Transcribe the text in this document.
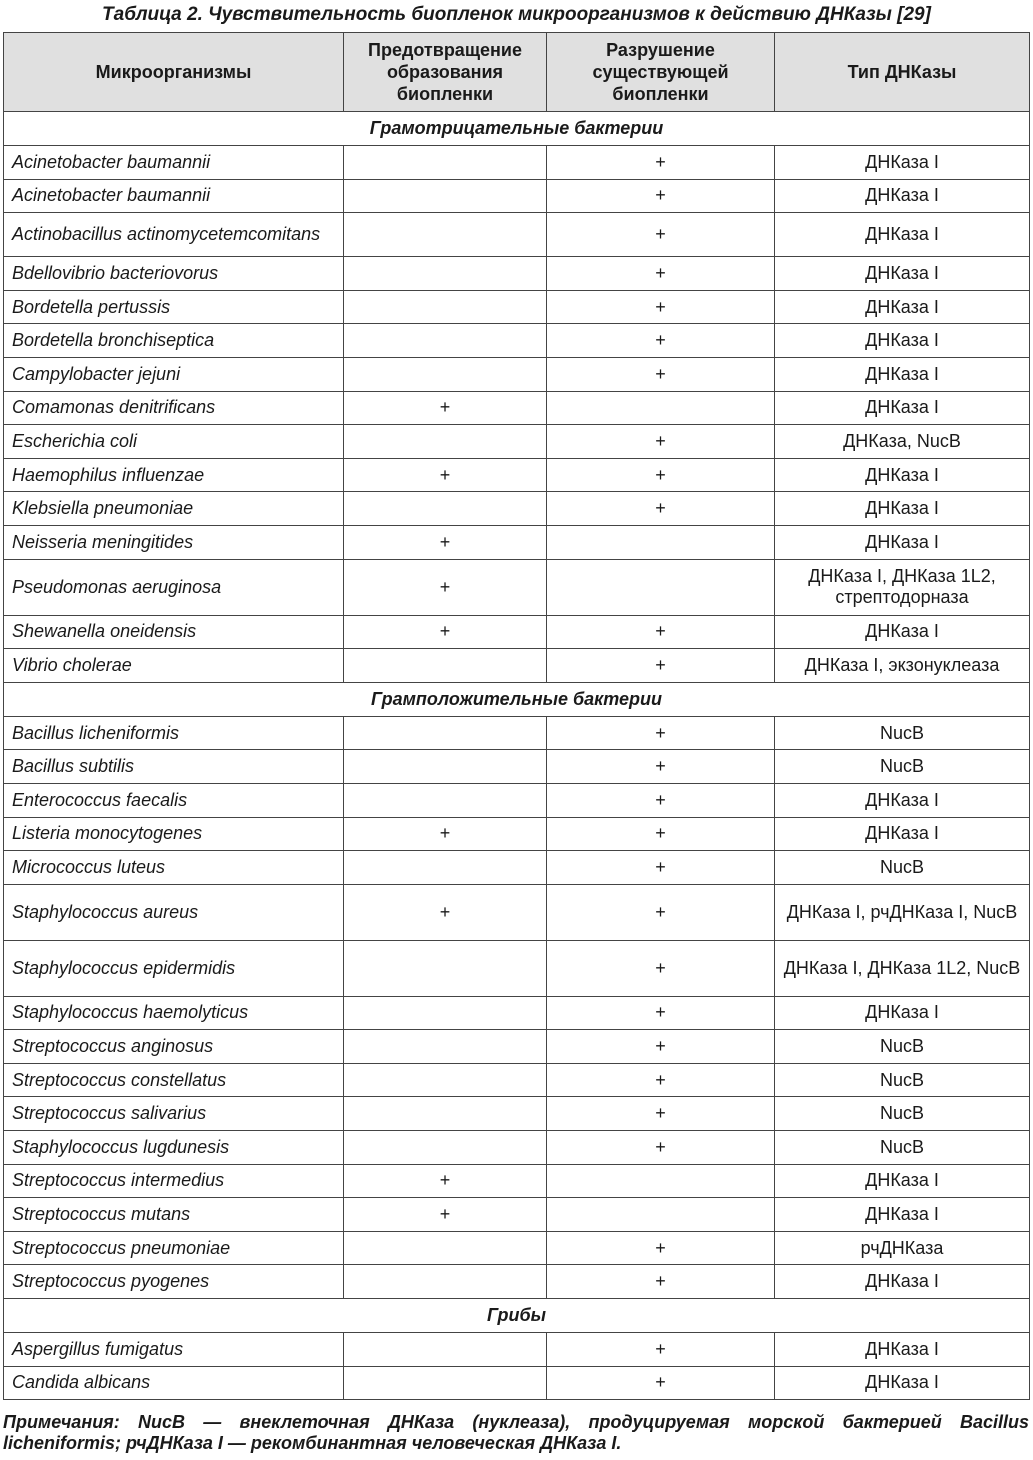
Таблица 2. Чувствительность биопленок микроорганизмов к действию ДНКазы [29]
Микроорганизмы	Предотвращение образования биопленки	Разрушение существующей биопленки	Тип ДНКазы
Грамотрицательные бактерии			
Acinetobacter baumannii		+	ДНКаза I
Acinetobacter baumannii		+	ДНКаза I
Actinobacillus actinomycetemcomitans		+	ДНКаза I
Bdellovibrio bacteriovorus		+	ДНКаза I
Bordetella pertussis		+	ДНКаза I
Bordetella bronchiseptica		+	ДНКаза I
Campylobacter jejuni		+	ДНКаза I
Comamonas denitrificans	+		ДНКаза I
Escherichia coli		+	ДНКаза, NucB
Haemophilus influenzae	+	+	ДНКаза I
Klebsiella pneumoniae		+	ДНКаза I
Neisseria meningitides	+		ДНКаза I
Pseudomonas aeruginosa	+		ДНКаза I, ДНКаза 1L2, стрептодорназа
Shewanella oneidensis	+	+	ДНКаза I
Vibrio cholerae		+	ДНКаза I, экзонуклеаза
Грамположительные бактерии			
Bacillus licheniformis		+	NucB
Bacillus subtilis		+	NucB
Enterococcus faecalis		+	ДНКаза I
Listeria monocytogenes	+	+	ДНКаза I
Micrococcus luteus		+	NucB
Staphylococcus aureus	+	+	ДНКаза I, рчДНКаза I, NucB
Staphylococcus epidermidis		+	ДНКаза I, ДНКаза 1L2, NucB
Staphylococcus haemolyticus		+	ДНКаза I
Streptococcus anginosus		+	NucB
Streptococcus constellatus		+	NucB
Streptococcus salivarius		+	NucB
Staphylococcus lugdunesis		+	NucB
Streptococcus intermedius	+		ДНКаза I
Streptococcus mutans	+		ДНКаза I
Streptococcus pneumoniae		+	рчДНКаза
Streptococcus pyogenes		+	ДНКаза I
Грибы			
Aspergillus fumigatus		+	ДНКаза I
Candida albicans		+	ДНКаза I
Примечания: NucB — внеклеточная ДНКаза (нуклеаза), продуцируемая морской бактерией Bacillus licheniformis; рчДНКаза I — рекомбинантная человеческая ДНКаза I.
